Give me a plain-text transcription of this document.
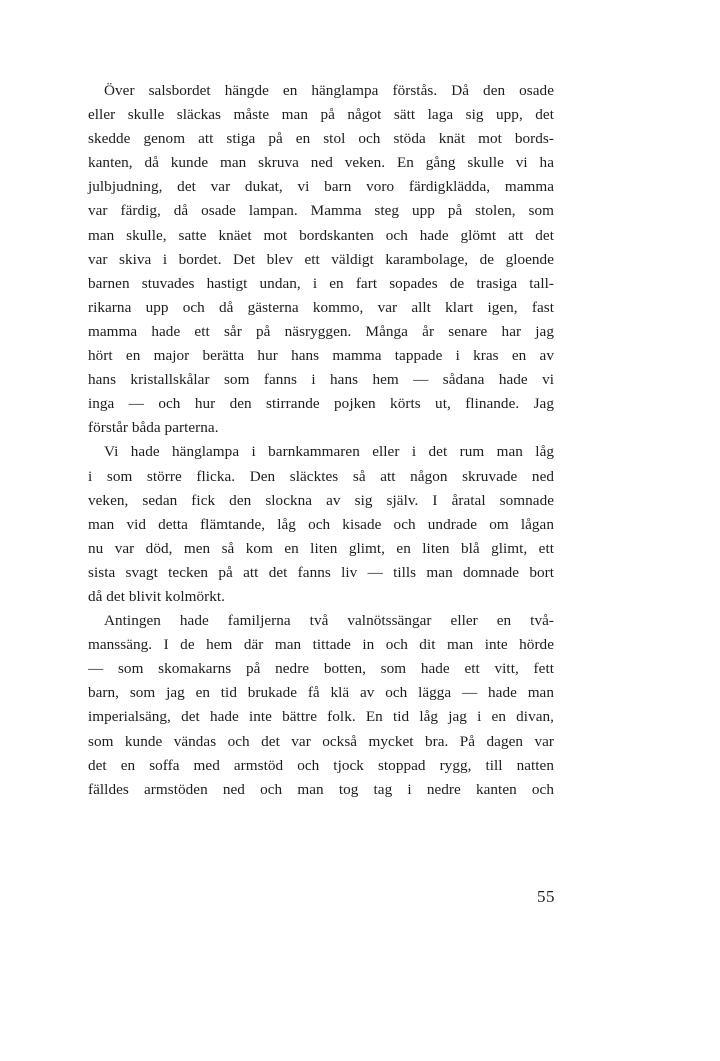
Över salsbordet hängde en hänglampa förstås. Då den osade
eller skulle släckas måste man på något sätt laga sig upp, det
skedde genom att stiga på en stol och stöda knät mot bords-
kanten, då kunde man skruva ned veken. En gång skulle vi ha
julbjudning, det var dukat, vi barn voro färdigklädda, mamma
var färdig, då osade lampan. Mamma steg upp på stolen, som
man skulle, satte knäet mot bordskanten och hade glömt att det
var skiva i bordet. Det blev ett väldigt karambolage, de gloende
barnen stuvades hastigt undan, i en fart sopades de trasiga tall-
rikarna upp och då gästerna kommo, var allt klart igen, fast
mamma hade ett sår på näsryggen. Många år senare har jag
hört en major berätta hur hans mamma tappade i kras en av
hans kristallskålar som fanns i hans hem — sådana hade vi
inga — och hur den stirrande pojken körts ut, flinande. Jag
förstår båda parterna.

Vi hade hänglampa i barnkammaren eller i det rum man låg
i som större flicka. Den släcktes så att någon skruvade ned
veken, sedan fick den slockna av sig själv. I åratal somnade
man vid detta flämtande, låg och kisade och undrade om lågan
nu var död, men så kom en liten glimt, en liten blå glimt, ett
sista svagt tecken på att det fanns liv — tills man domnade bort
då det blivit kolmörkt.

Antingen hade familjerna två valnötssängar eller en två-
manssäng. I de hem där man tittade in och dit man inte hörde
— som skomakarns på nedre botten, som hade ett vitt, fett
barn, som jag en tid brukade få klä av och lägga — hade man
imperialsäng, det hade inte bättre folk. En tid låg jag i en divan,
som kunde vändas och det var också mycket bra. På dagen var
det en soffa med armstöd och tjock stoppad rygg, till natten
fälldes armstöden ned och man tog tag i nedre kanten och

55
